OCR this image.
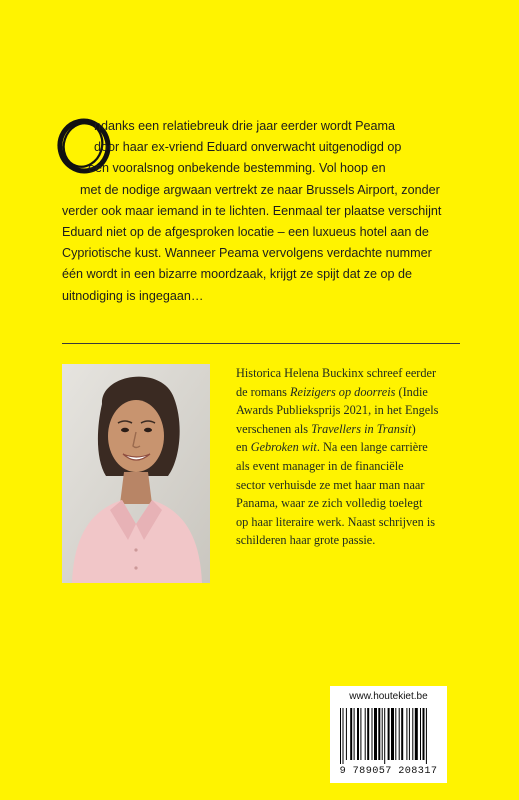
ndanks een relatiebreuk drie jaar eerder wordt Peama
door haar ex-vriend Eduard onverwacht uitgenodigd op
een vooralsnog onbekende bestemming. Vol hoop en
met de nodige argwaan vertrekt ze naar Brussels Airport, zonder
verder ook maar iemand in te lichten. Eenmaal ter plaatse verschijnt
Eduard niet op de afgesproken locatie – een luxueus hotel aan de
Cypriotische kust. Wanneer Peama vervolgens verdachte nummer
één wordt in een bizarre moordzaak, krijgt ze spijt dat ze op de
uitnodiging is ingegaan…
Historica Helena Buckinx schreef eerder
de romans Reizigers op doorreis (Indie
Awards Publieksprijs 2021, in het Engels
verschenen als Travellers in Transit)
en Gebroken wit. Na een lange carrière
als event manager in de financiële
sector verhuisde ze met haar man naar
Panama, waar ze zich volledig toelegt
op haar literaire werk. Naast schrijven is
schilderen haar grote passie.
www.houtekiet.be
9 789057 208317
